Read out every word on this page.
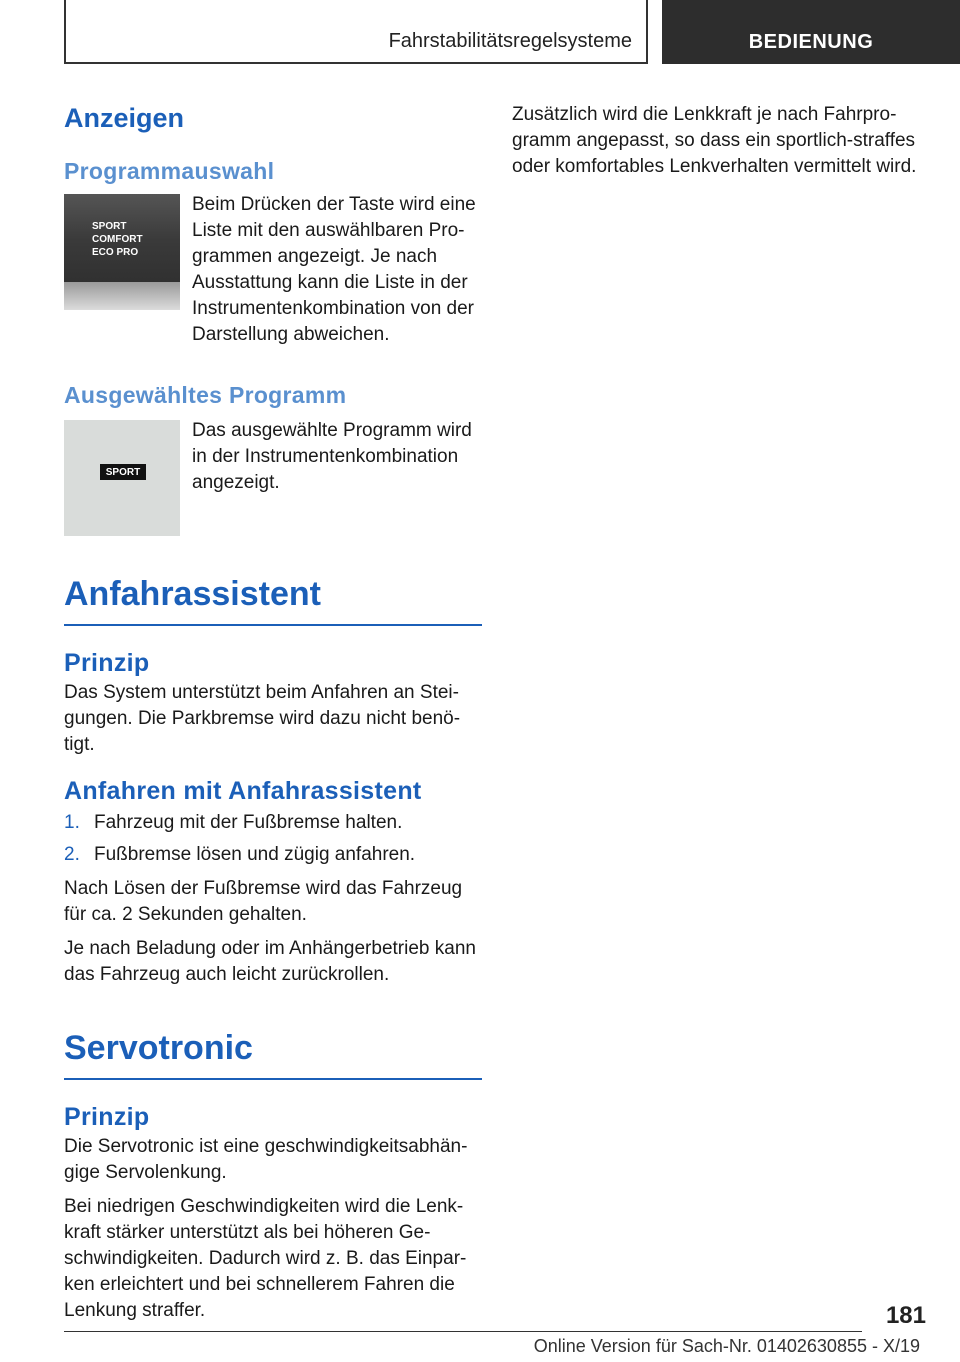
Fahrstabilitätsregelsysteme	BEDIENUNG
Anzeigen
Programmauswahl
SPORT
COMFORT
ECO PRO
Beim Drücken der Taste wird eine Liste mit den auswählbaren Programmen angezeigt. Je nach Ausstattung kann die Liste in der Instrumentenkombination von der Darstellung abweichen.
Ausgewähltes Programm
SPORT
Das ausgewählte Programm wird in der Instrumentenkombination angezeigt.
Anfahrassistent
Prinzip

Das System unterstützt beim Anfahren an Steigungen. Die Parkbremse wird dazu nicht benötigt.

Anfahren mit Anfahrassistent
1. Fahrzeug mit der Fußbremse halten.
2. Fußbremse lösen und zügig anfahren.

Nach Lösen der Fußbremse wird das Fahrzeug für ca. 2 Sekunden gehalten.

Je nach Beladung oder im Anhängerbetrieb kann das Fahrzeug auch leicht zurückrollen.

Servotronic
Prinzip

Die Servotronic ist eine geschwindigkeitsabhängige Servolenkung.

Bei niedrigen Geschwindigkeiten wird die Lenkkraft stärker unterstützt als bei höheren Geschwindigkeiten. Dadurch wird z. B. das Einparken erleichtert und bei schnellerem Fahren die Lenkung straffer.

Zusätzlich wird die Lenkkraft je nach Fahrprogramm angepasst, so dass ein sportlich-straffes oder komfortables Lenkverhalten vermittelt wird.

181
Online Version für Sach-Nr. 01402630855 - X/19
